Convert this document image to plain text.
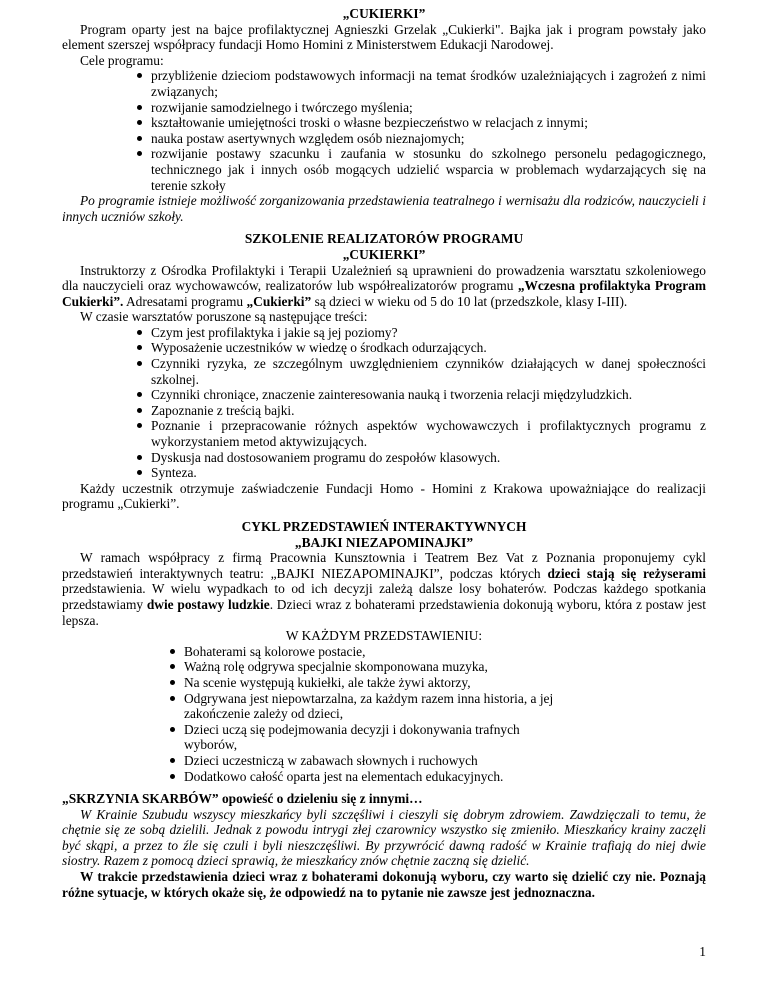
„CUKIERKI”

Program oparty jest na bajce profilaktycznej Agnieszki Grzelak „Cukierki". Bajka jak i program powstały jako element szerszej współpracy fundacji Homo Homini z Ministerstwem Edukacji Narodowej.

Cele programu:

przybliżenie dzieciom podstawowych informacji na temat środków uzależniających i zagrożeń z nimi związanych;
rozwijanie samodzielnego i twórczego myślenia;
kształtowanie umiejętności troski o własne bezpieczeństwo w relacjach z innymi;
nauka postaw asertywnych względem osób nieznajomych;
rozwijanie postawy szacunku i zaufania w stosunku do szkolnego personelu pedagogicznego, technicznego jak i innych osób mogących udzielić wsparcia w problemach wydarzających się na terenie szkoły

Po programie istnieje możliwość zorganizowania przedstawienia teatralnego i wernisażu dla rodziców, nauczycieli i innych uczniów szkoły.

SZKOLENIE REALIZATORÓW PROGRAMU

„CUKIERKI”

Instruktorzy z Ośrodka Profilaktyki i Terapii Uzależnień są uprawnieni do prowadzenia warsztatu szkoleniowego dla nauczycieli oraz wychowawców, realizatorów lub współrealizatorów programu „Wczesna profilaktyka Program Cukierki”. Adresatami programu „Cukierki” są dzieci w wieku od 5 do 10 lat (przedszkole, klasy I-III).

W czasie warsztatów poruszone są następujące treści:

Czym jest profilaktyka i jakie są jej poziomy?
Wyposażenie uczestników w wiedzę o środkach odurzających.
Czynniki ryzyka, ze szczególnym uwzględnieniem czynników działających w danej społeczności szkolnej.
Czynniki chroniące, znaczenie zainteresowania nauką i tworzenia relacji międzyludzkich.
Zapoznanie z treścią bajki.
Poznanie i przepracowanie różnych aspektów wychowawczych i profilaktycznych programu z wykorzystaniem metod aktywizujących.
Dyskusja nad dostosowaniem programu do zespołów klasowych.
Synteza.

Każdy uczestnik otrzymuje zaświadczenie Fundacji Homo - Homini z Krakowa upoważniające do realizacji programu „Cukierki”.

CYKL PRZEDSTAWIEŃ INTERAKTYWNYCH

„BAJKI NIEZAPOMINAJKI”

W ramach współpracy z firmą Pracownia Kunsztownia i Teatrem Bez Vat z Poznania proponujemy cykl przedstawień interaktywnych teatru: „BAJKI NIEZAPOMINAJKI”, podczas których dzieci stają się reżyserami przedstawienia. W wielu wypadkach to od ich decyzji zależą dalsze losy bohaterów. Podczas każdego spotkania przedstawiamy dwie postawy ludzkie. Dzieci wraz z bohaterami przedstawienia dokonują wyboru, która z postaw jest lepsza.

W KAŻDYM PRZEDSTAWIENIU:

Bohaterami są kolorowe postacie,
Ważną rolę odgrywa specjalnie skomponowana muzyka,
Na scenie występują kukiełki, ale także żywi aktorzy,
Odgrywana jest niepowtarzalna, za każdym razem inna historia, a jej zakończenie zależy od dzieci,
Dzieci uczą się podejmowania decyzji i dokonywania trafnych wyborów,
Dzieci uczestniczą w zabawach słownych i ruchowych
Dodatkowo całość oparta jest na elementach edukacyjnych.

„SKRZYNIA SKARBÓW” opowieść o dzieleniu się z innymi…

W Krainie Szubudu wszyscy mieszkańcy byli szczęśliwi i cieszyli się dobrym zdrowiem. Zawdzięczali to temu, że chętnie się ze sobą dzielili. Jednak z powodu intrygi złej czarownicy wszystko się zmieniło. Mieszkańcy krainy zaczęli być skąpi, a przez to źle się czuli i byli nieszczęśliwi. By przywrócić dawną radość w Krainie trafiają do niej dwie siostry. Razem z pomocą dzieci sprawią, że mieszkańcy znów chętnie zaczną się dzielić.

W trakcie przedstawienia dzieci wraz z bohaterami dokonują wyboru, czy warto się dzielić czy nie. Poznają różne sytuacje, w których okaże się, że odpowiedź na to pytanie nie zawsze jest jednoznaczna.

1
